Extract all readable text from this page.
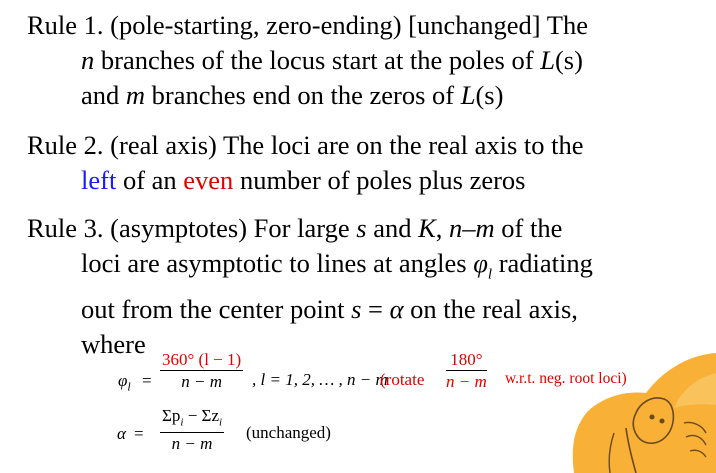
Rule 1. (pole-starting, zero-ending) [unchanged] The
n branches of the locus start at the poles of L(s)
and m branches end on the zeros of L(s)
Rule 2. (real axis) The loci are on the real axis to the
left of an even number of poles plus zeros
Rule 3. (asymptotes) For large s and K, n–m of the
loci are asymptotic to lines at angles $\varphi_l$ radiating
out from the center point s = α on the real axis,
where
$\varphi_l = \frac{360^\circ (l - 1)}{n - m}$ , l = 1, 2, … , n − m
(rotate $\frac{180^\circ}{n - m} w.r.t$. neg. root loci)
α =
$\Sigma p_i - \Sigma z_i$
n − m
(unchanged)
